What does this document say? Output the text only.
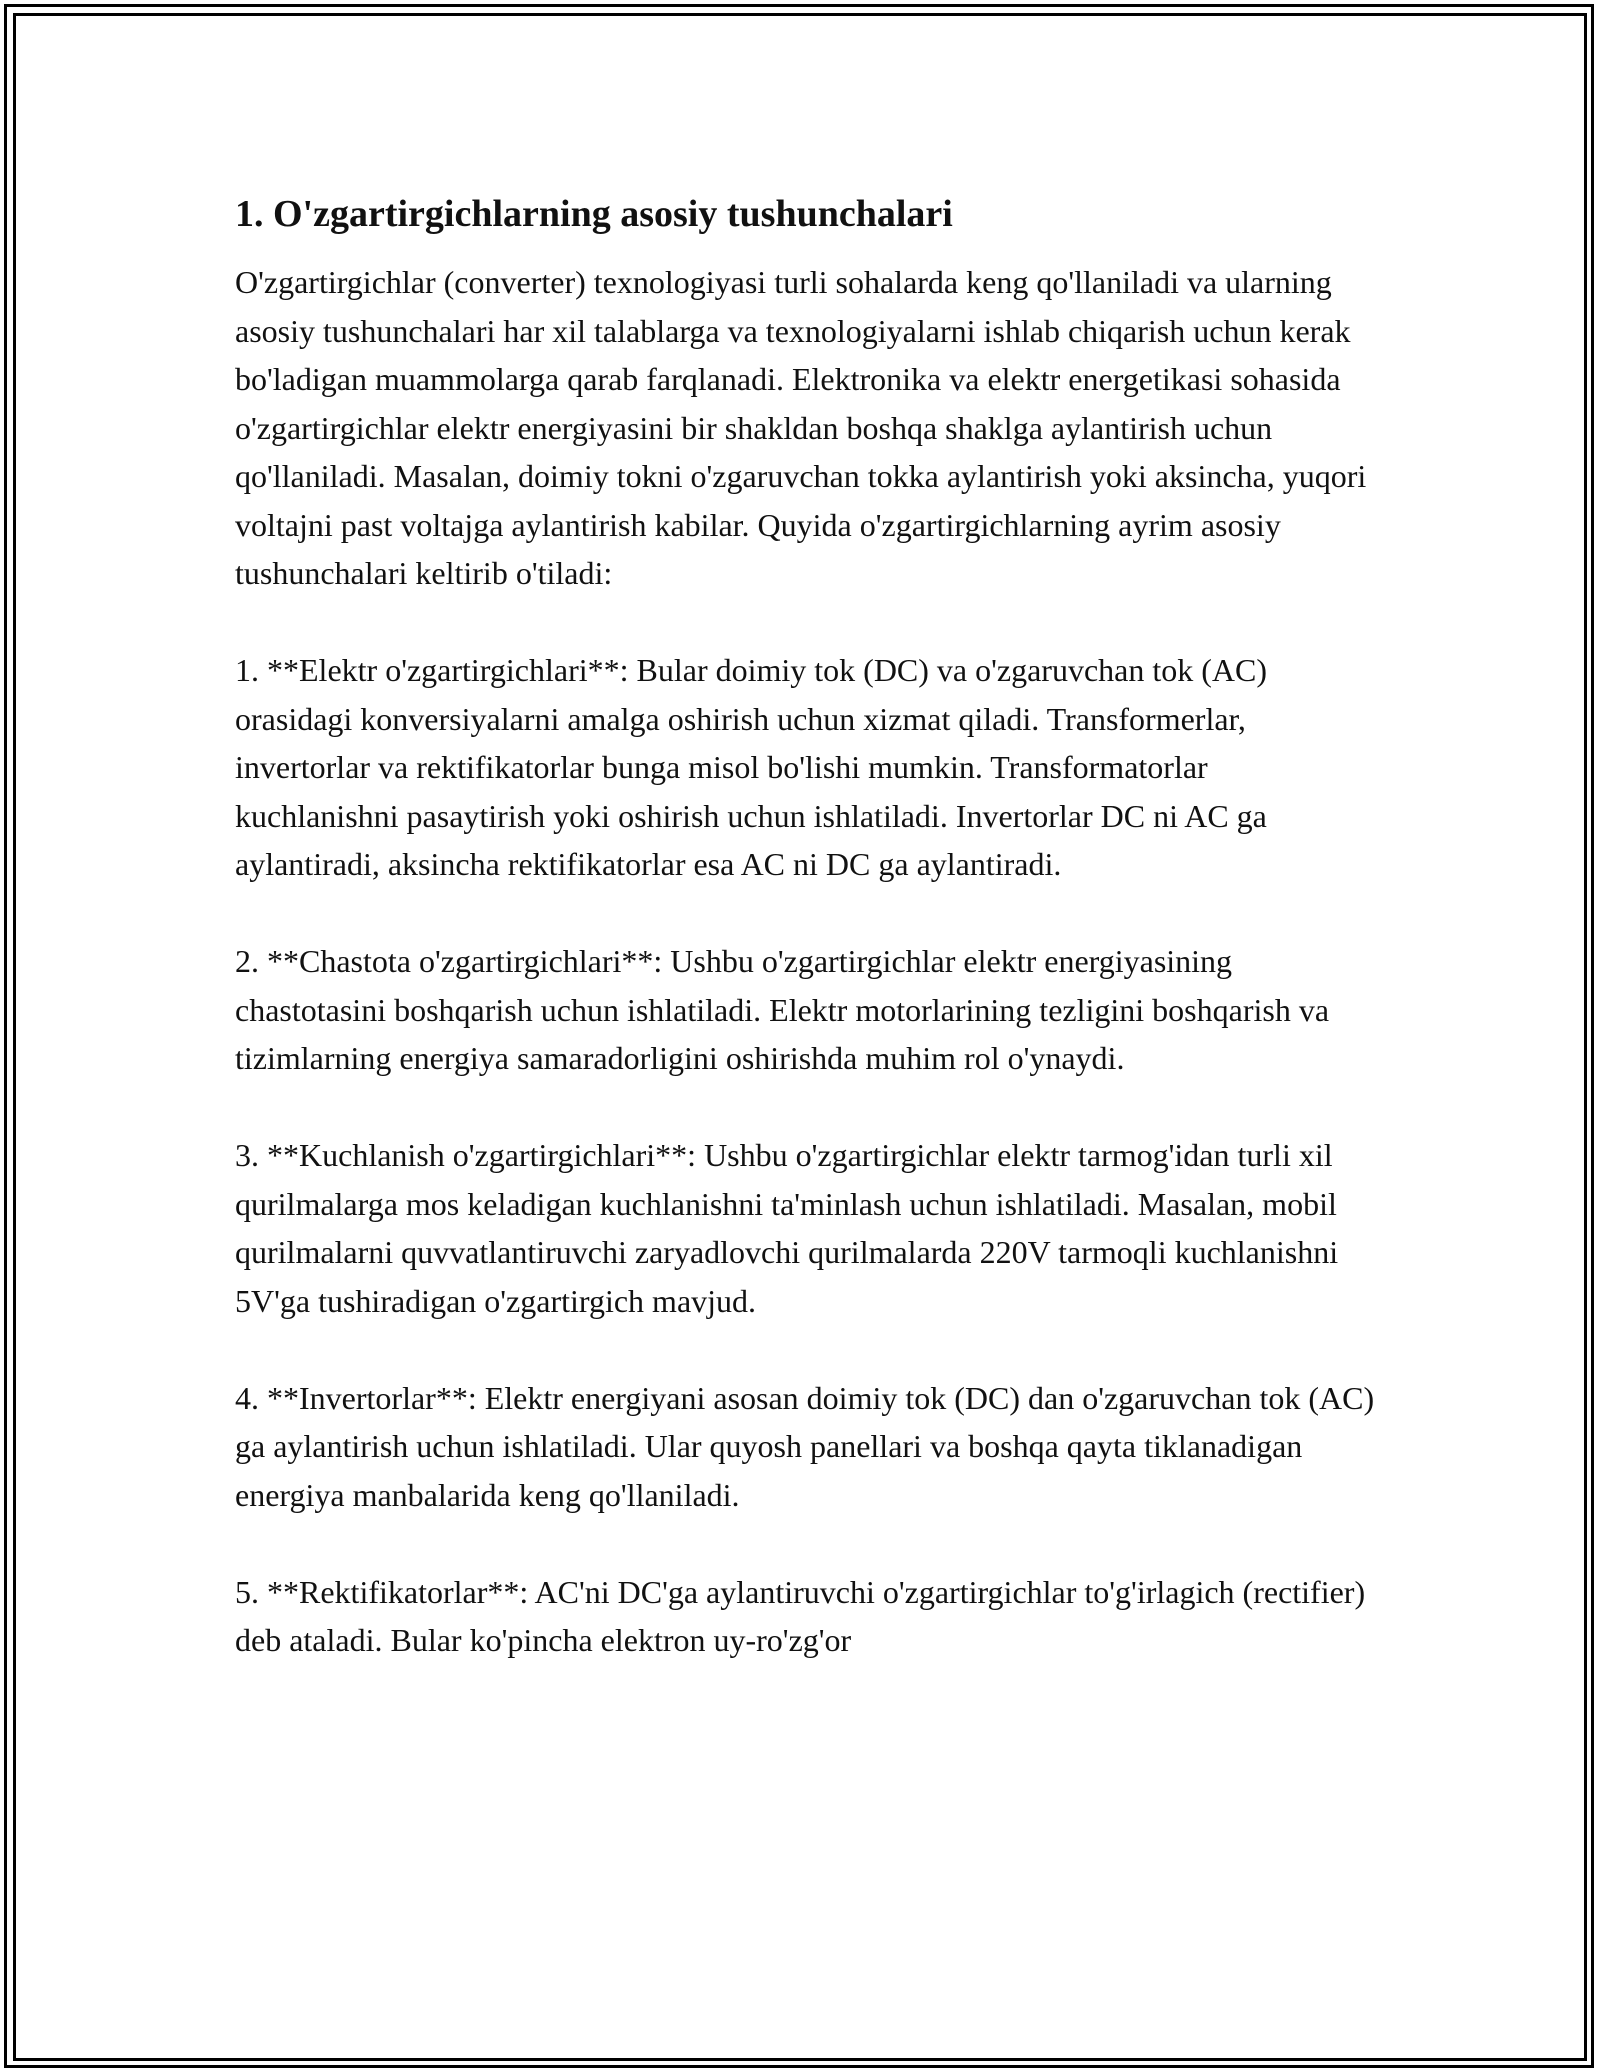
1. O'zgartirgichlarning asosiy tushunchalari

O'zgartirgichlar (converter) texnologiyasi turli sohalarda keng qo'llaniladi va ularning asosiy tushunchalari har xil talablarga va texnologiyalarni ishlab chiqarish uchun kerak bo'ladigan muammolarga qarab farqlanadi. Elektronika va elektr energetikasi sohasida o'zgartirgichlar elektr energiyasini bir shakldan boshqa shaklga aylantirish uchun qo'llaniladi. Masalan, doimiy tokni o'zgaruvchan tokka aylantirish yoki aksincha, yuqori voltajni past voltajga aylantirish kabilar. Quyida o'zgartirgichlarning ayrim asosiy tushunchalari keltirib o'tiladi:

1. **Elektr o'zgartirgichlari**: Bular doimiy tok (DC) va o'zgaruvchan tok (AC) orasidagi konversiyalarni amalga oshirish uchun xizmat qiladi. Transformerlar, invertorlar va rektifikatorlar bunga misol bo'lishi mumkin. Transformatorlar kuchlanishni pasaytirish yoki oshirish uchun ishlatiladi. Invertorlar DC ni AC ga aylantiradi, aksincha rektifikatorlar esa AC ni DC ga aylantiradi.

2. **Chastota o'zgartirgichlari**: Ushbu o'zgartirgichlar elektr energiyasining chastotasini boshqarish uchun ishlatiladi. Elektr motorlarining tezligini boshqarish va tizimlarning energiya samaradorligini oshirishda muhim rol o'ynaydi.

3. **Kuchlanish o'zgartirgichlari**: Ushbu o'zgartirgichlar elektr tarmog'idan turli xil qurilmalarga mos keladigan kuchlanishni ta'minlash uchun ishlatiladi. Masalan, mobil qurilmalarni quvvatlantiruvchi zaryadlovchi qurilmalarda 220V tarmoqli kuchlanishni 5V'ga tushiradigan o'zgartirgich mavjud.

4. **Invertorlar**: Elektr energiyani asosan doimiy tok (DC) dan o'zgaruvchan tok (AC) ga aylantirish uchun ishlatiladi. Ular quyosh panellari va boshqa qayta tiklanadigan energiya manbalarida keng qo'llaniladi.

5. **Rektifikatorlar**: AC'ni DC'ga aylantiruvchi o'zgartirgichlar to'g'irlagich (rectifier) deb ataladi. Bular ko'pincha elektron uy-ro'zg'or
